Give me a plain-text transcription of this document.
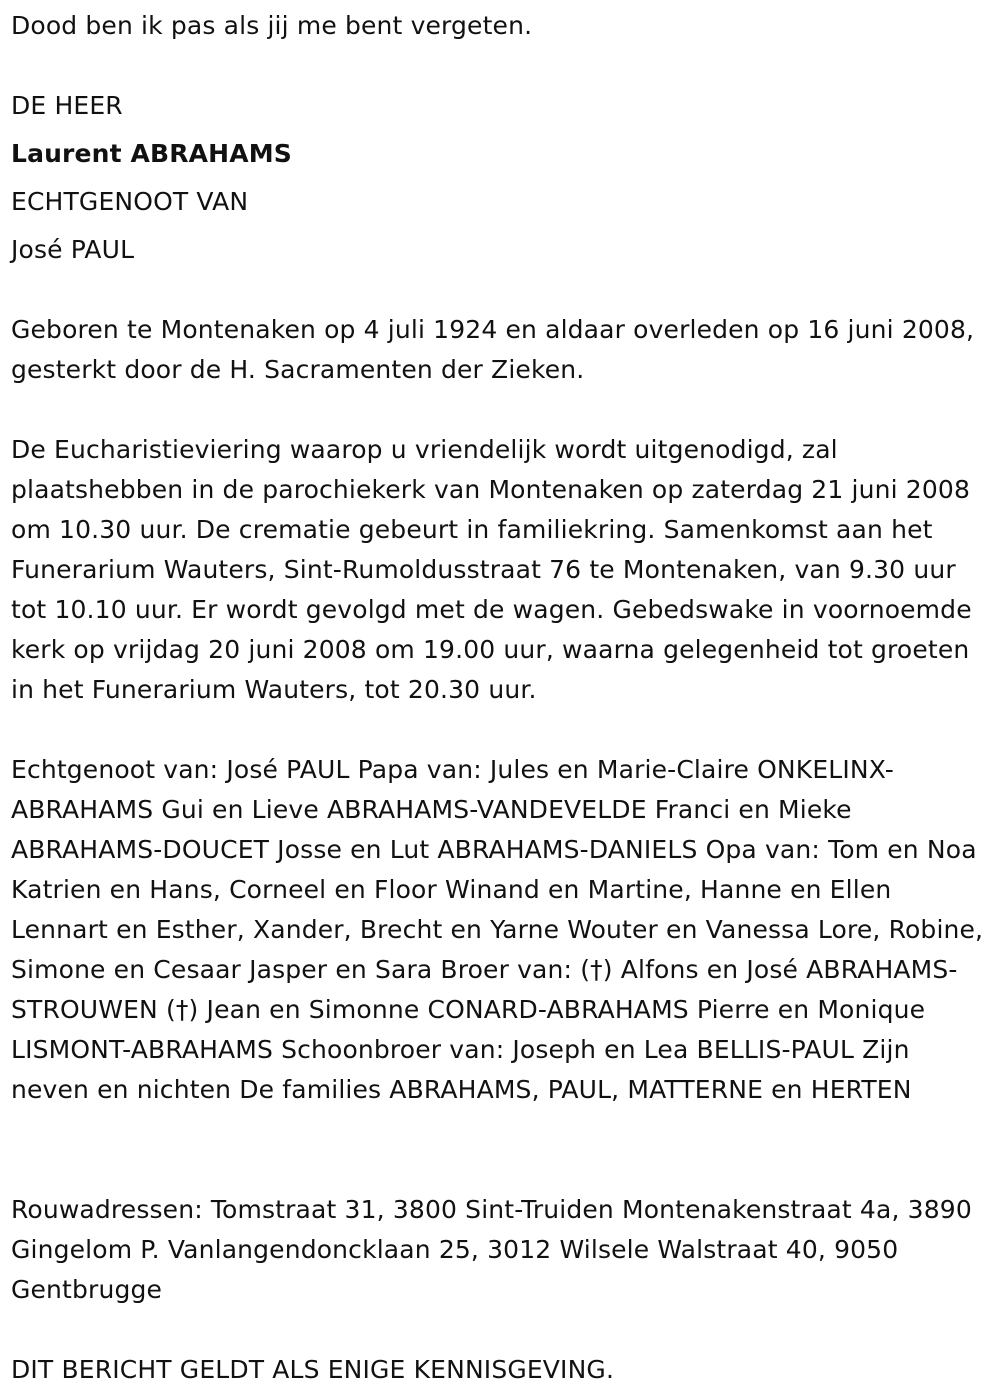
Dood ben ik pas als jij me bent vergeten.
DE HEER
Laurent ABRAHAMS
ECHTGENOOT VAN
José PAUL

Geboren te Montenaken op 4 juli 1924 en aldaar overleden op 16 juni 2008, gesterkt door de H. Sacramenten der Zieken.

De Eucharistieviering waarop u vriendelijk wordt uitgenodigd, zal plaatshebben in de parochiekerk van Montenaken op zaterdag 21 juni 2008 om 10.30 uur. De crematie gebeurt in familiekring. Samenkomst aan het Funerarium Wauters, Sint-Rumoldusstraat 76 te Montenaken, van 9.30 uur tot 10.10 uur. Er wordt gevolgd met de wagen. Gebedswake in voornoemde kerk op vrijdag 20 juni 2008 om 19.00 uur, waarna gelegenheid tot groeten in het Funerarium Wauters, tot 20.30 uur.

Echtgenoot van: José PAUL Papa van: Jules en Marie-Claire ONKELINX-ABRAHAMS Gui en Lieve ABRAHAMS-VANDEVELDE Franci en Mieke ABRAHAMS-DOUCET Josse en Lut ABRAHAMS-DANIELS Opa van: Tom en Noa Katrien en Hans, Corneel en Floor Winand en Martine, Hanne en Ellen Lennart en Esther, Xander, Brecht en Yarne Wouter en Vanessa Lore, Robine, Simone en Cesaar Jasper en Sara Broer van: (†) Alfons en José ABRAHAMS-STROUWEN (†) Jean en Simonne CONARD-ABRAHAMS Pierre en Monique LISMONT-ABRAHAMS Schoonbroer van: Joseph en Lea BELLIS-PAUL Zijn neven en nichten De families ABRAHAMS, PAUL, MATTERNE en HERTEN

Rouwadressen: Tomstraat 31, 3800 Sint-Truiden Montenakenstraat 4a, 3890 Gingelom P. Vanlangendoncklaan 25, 3012 Wilsele Walstraat 40, 9050 Gentbrugge

DIT BERICHT GELDT ALS ENIGE KENNISGEVING.
